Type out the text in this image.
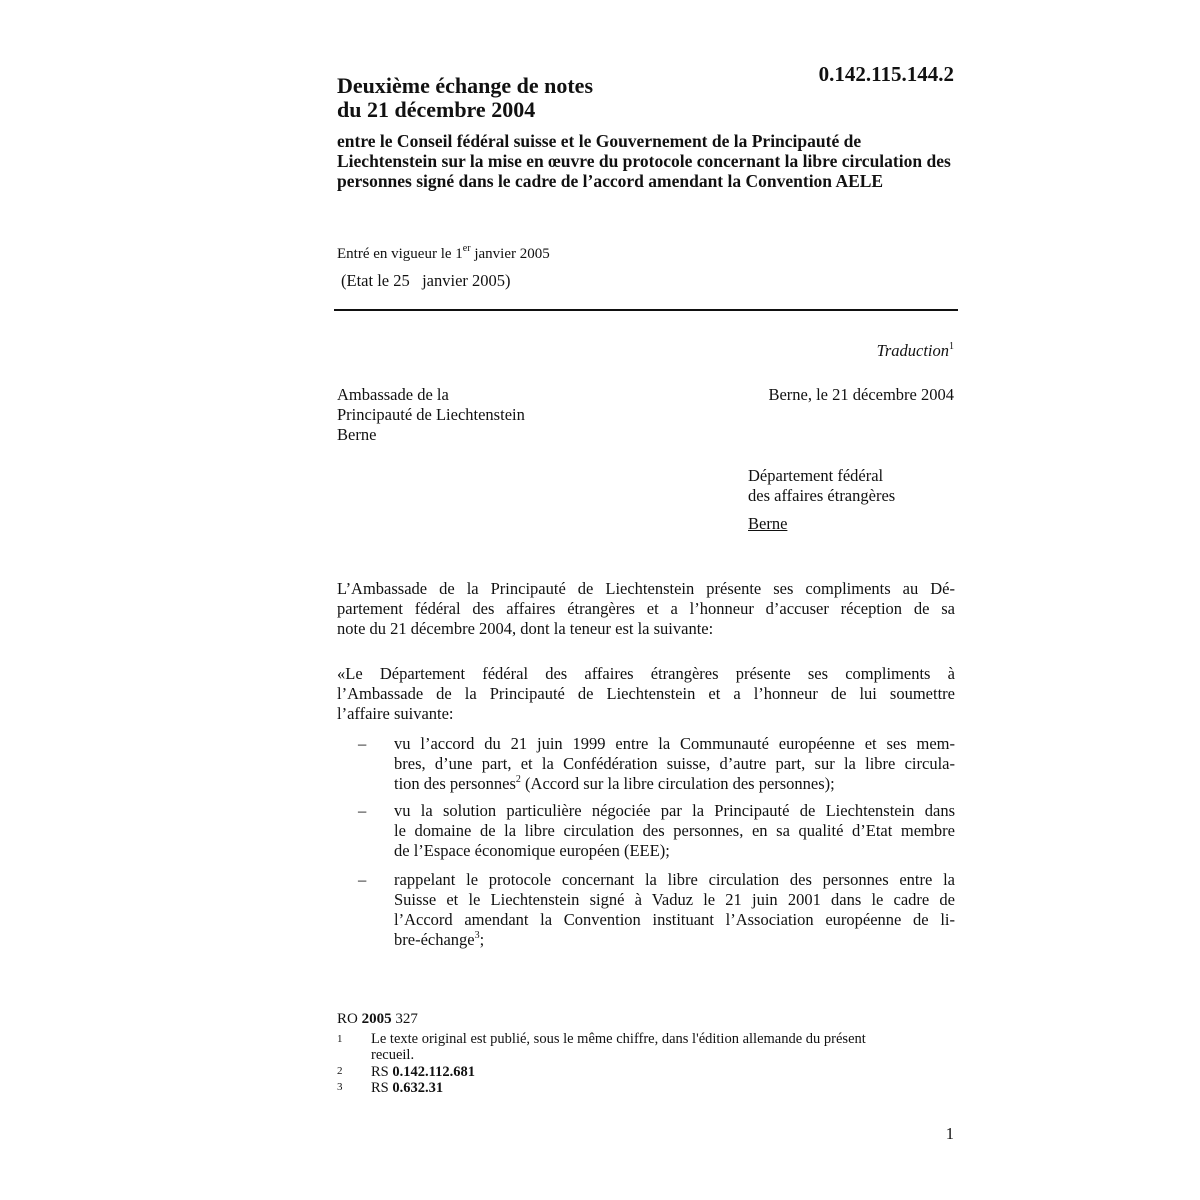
Deuxième échange de notes
du 21 décembre 2004
0.142.115.144.2
entre le Conseil fédéral suisse et le Gouvernement de la Principauté de Liechtenstein sur la mise en œuvre du protocole concernant la libre circulation des personnes signé dans le cadre de l’accord amendant la Convention AELE
Entré en vigueur le 1er janvier 2005
(Etat le 25   janvier 2005)
Traduction$^1$
Ambassade de la
Principauté de Liechtenstein
Berne
Berne, le 21 décembre 2004
Département fédéral
des affaires étrangères
Berne
L’Ambassade de la Principauté de Liechtenstein présente ses compliments au Dé-
partement fédéral des affaires étrangères et a l’honneur d’accuser réception de sa
note du 21 décembre 2004, dont la teneur est la suivante:
«Le Département fédéral des affaires étrangères présente ses compliments à
l’Ambassade de la Principauté de Liechtenstein et a l’honneur de lui soumettre
l’affaire suivante:
– vu l’accord du 21 juin 1999 entre la Communauté européenne et ses mem-
bres, d’une part, et la Confédération suisse, d’autre part, sur la libre circula-
tion des personnes$^2$ (Accord sur la libre circulation des personnes);
– vu la solution particulière négociée par la Principauté de Liechtenstein dans
le domaine de la libre circulation des personnes, en sa qualité d’Etat membre
de l’Espace économique européen (EEE);
– rappelant le protocole concernant la libre circulation des personnes entre la
Suisse et le Liechtenstein signé à Vaduz le 21 juin 2001 dans le cadre de
l’Accord amendant la Convention instituant l’Association européenne de li-
bre-échange$^3$;
RO 2005 327
1 Le texte original est publié, sous le même chiffre, dans l'édition allemande du présent
recueil.
2 RS 0.142.112.681
3 RS 0.632.31
1
